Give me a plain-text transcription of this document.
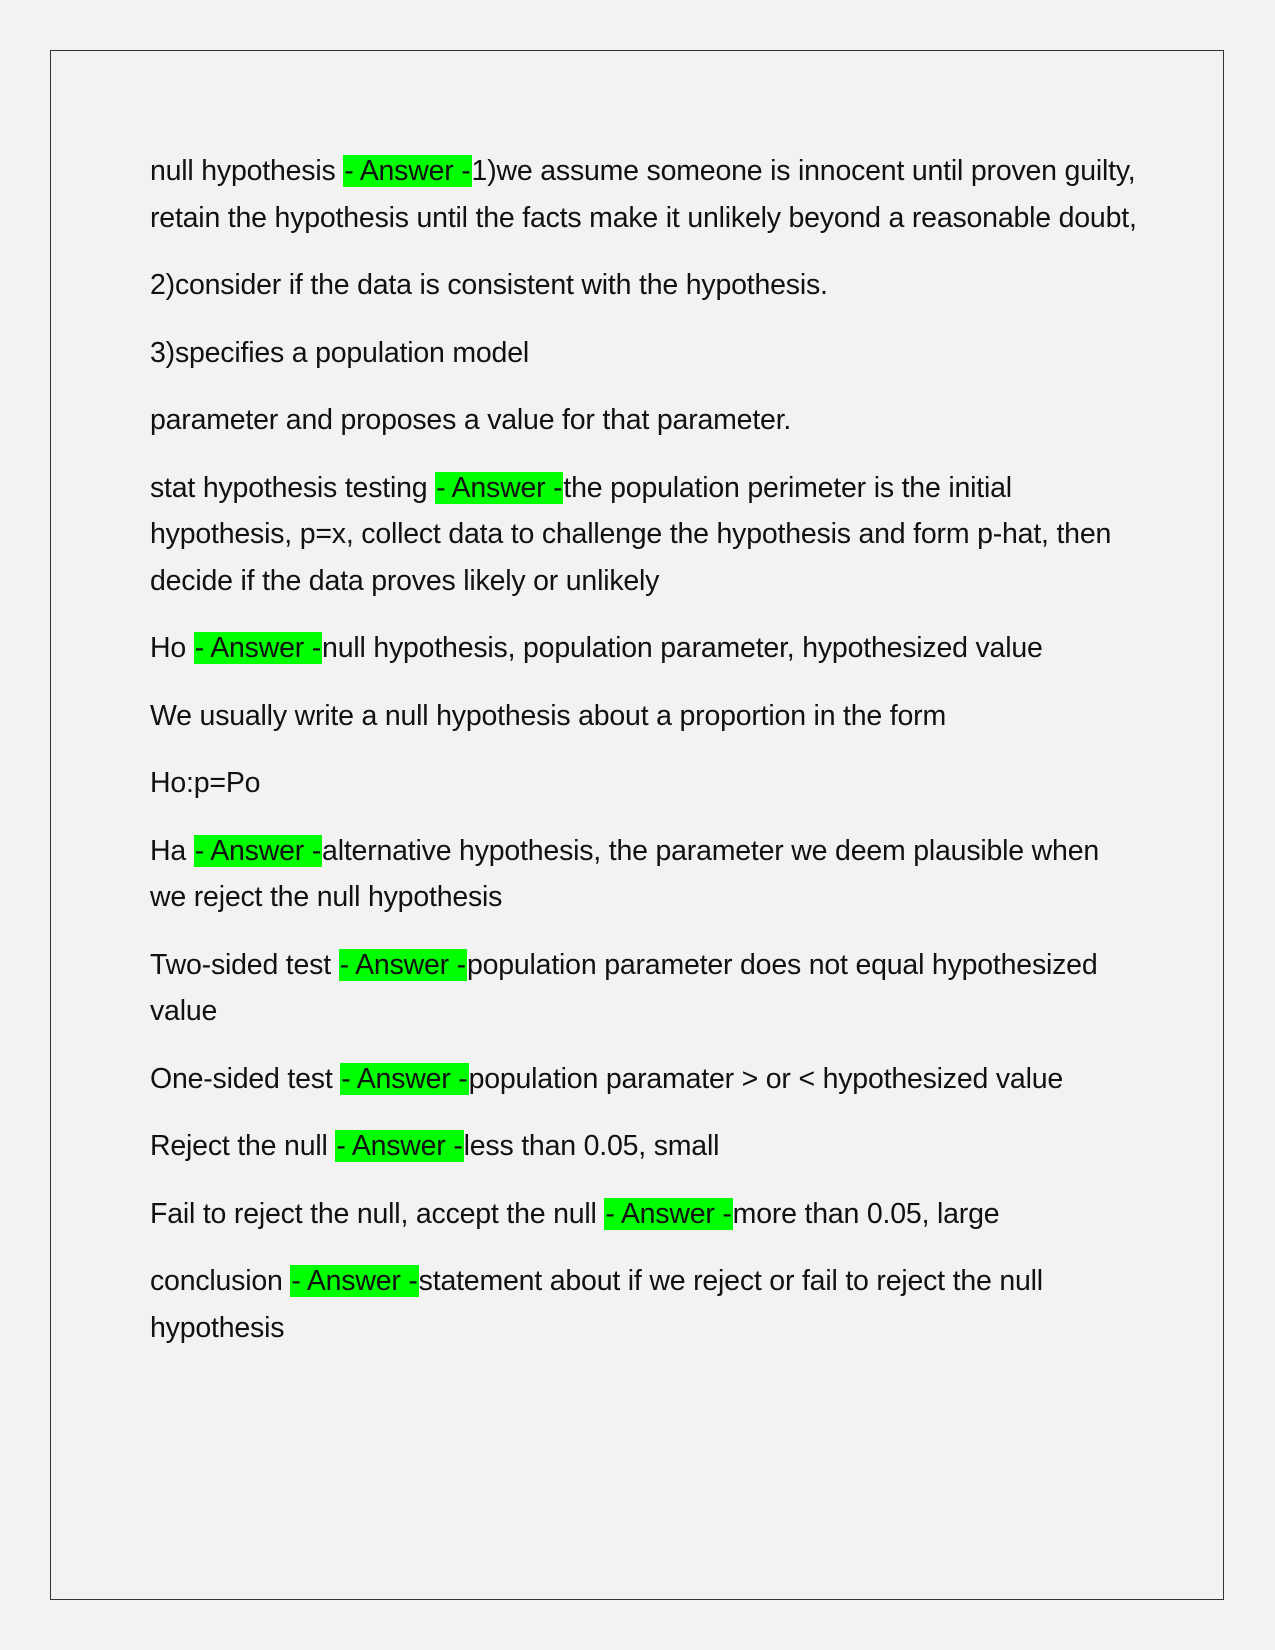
null hypothesis - Answer -1)we assume someone is innocent until proven guilty, retain the hypothesis until the facts make it unlikely beyond a reasonable doubt,

2)consider if the data is consistent with the hypothesis.

3)specifies a population model

parameter and proposes a value for that parameter.

stat hypothesis testing - Answer -the population perimeter is the initial hypothesis, p=x, collect data to challenge the hypothesis and form p-hat, then decide if the data proves likely or unlikely

Ho - Answer -null hypothesis, population parameter, hypothesized value

We usually write a null hypothesis about a proportion in the form

Ho:p=Po

Ha - Answer -alternative hypothesis, the parameter we deem plausible when we reject the null hypothesis

Two-sided test - Answer -population parameter does not equal hypothesized value

One-sided test - Answer -population paramater > or < hypothesized value

Reject the null - Answer -less than 0.05, small

Fail to reject the null, accept the null - Answer -more than 0.05, large

conclusion - Answer -statement about if we reject or fail to reject the null hypothesis
